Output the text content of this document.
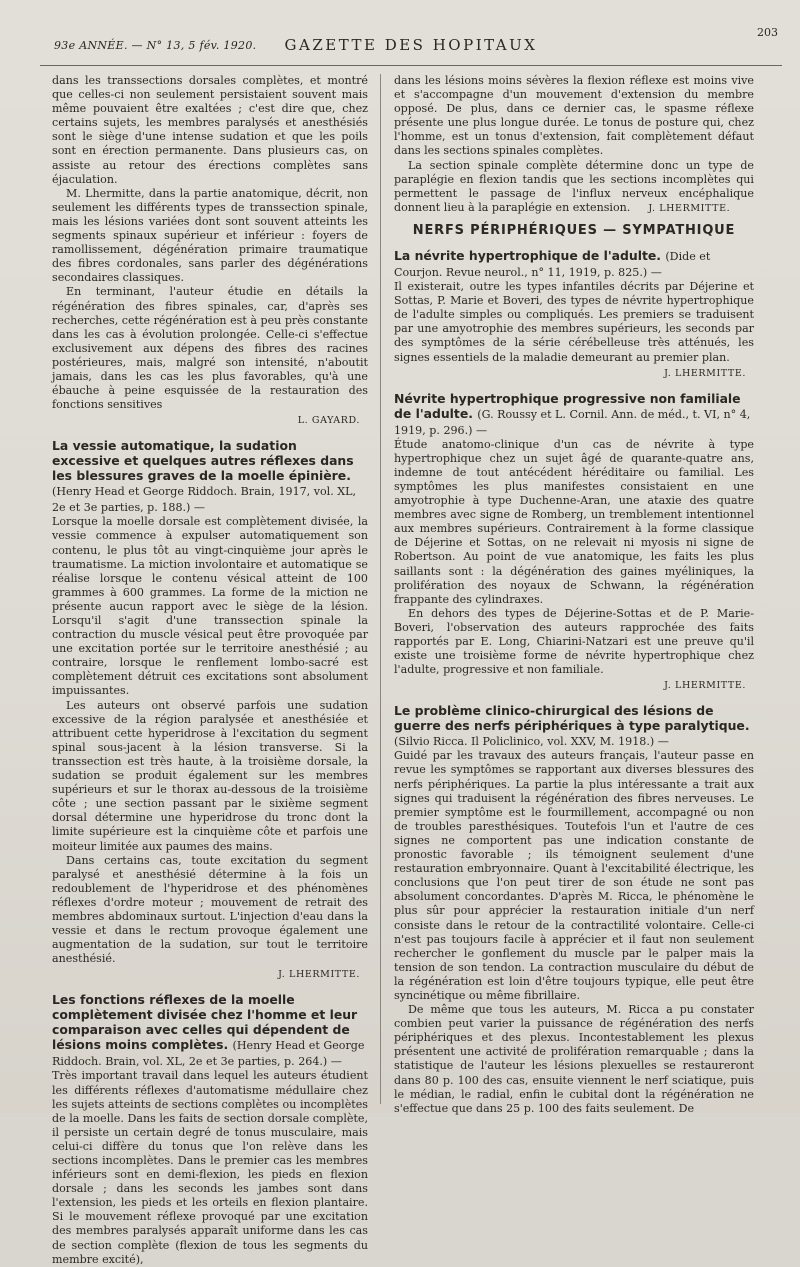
93e ANNÉE. — N° 13, 5 fév. 1920.	GAZETTE DES HOPITAUX
203

dans les transsections dorsales complètes, et montré que celles-ci non seulement persistaient souvent mais même pouvaient être exaltées ; c'est dire que, chez certains sujets, les membres paralysés et anesthésiés sont le siège d'une intense sudation et que les poils sont en érection permanente. Dans plusieurs cas, on assiste au retour des érections complètes sans éjaculation.

M. Lhermitte, dans la partie anatomique, décrit, non seulement les différents types de transsection spinale, mais les lésions variées dont sont souvent atteints les segments spinaux supérieur et inférieur : foyers de ramollissement, dégénération primaire traumatique des fibres cordonales, sans parler des dégénérations secondaires classiques.

En terminant, l'auteur étudie en détails la régénération des fibres spinales, car, d'après ses recherches, cette régénération est à peu près constante dans les cas à évolution prolongée. Celle-ci s'effectue exclusivement aux dépens des fibres des racines postérieures, mais, malgré son intensité, n'aboutit jamais, dans les cas les plus favorables, qu'à une ébauche à peine esquissée de la restauration des fonctions sensitives

L. GAYARD.

La vessie automatique, la sudation excessive et quelques autres réflexes dans les blessures graves de la moelle épinière. (Henry Head et George Riddoch. Brain, 1917, vol. XL, 2e et 3e parties, p. 188.) —

Lorsque la moelle dorsale est complètement divisée, la vessie commence à expulser automatiquement son contenu, le plus tôt au vingt-cinquième jour après le traumatisme. La miction involontaire et automatique se réalise lorsque le contenu vésical atteint de 100 grammes à 600 grammes. La forme de la miction ne présente aucun rapport avec le siège de la lésion. Lorsqu'il s'agit d'une transsection spinale la contraction du muscle vésical peut être provoquée par une excitation portée sur le territoire anesthésié ; au contraire, lorsque le renflement lombo-sacré est complètement détruit ces excitations sont absolument impuissantes.

Les auteurs ont observé parfois une sudation excessive de la région paralysée et anesthésiée et attribuent cette hyperidrose à l'excitation du segment spinal sous-jacent à la lésion transverse. Si la transsection est très haute, à la troisième dorsale, la sudation se produit également sur les membres supérieurs et sur le thorax au-dessous de la troisième côte ; une section passant par le sixième segment dorsal détermine une hyperidrose du tronc dont la limite supérieure est la cinquième côte et parfois une moiteur limitée aux paumes des mains.

Dans certains cas, toute excitation du segment paralysé et anesthésié détermine à la fois un redoublement de l'hyperidrose et des phénomènes réflexes d'ordre moteur ; mouvement de retrait des membres abdominaux surtout. L'injection d'eau dans la vessie et dans le rectum provoque également une augmentation de la sudation, sur tout le territoire anesthésié.

J. LHERMITTE.

Les fonctions réflexes de la moelle complètement divisée chez l'homme et leur comparaison avec celles qui dépendent de lésions moins complètes. (Henry Head et George Riddoch. Brain, vol. XL, 2e et 3e parties, p. 264.) —

Très important travail dans lequel les auteurs étudient les différents réflexes d'automatisme médullaire chez les sujets atteints de sections complètes ou incomplètes de la moelle. Dans les faits de section dorsale complète, il persiste un certain degré de tonus musculaire, mais celui-ci diffère du tonus que l'on relève dans les sections incomplètes. Dans le premier cas les membres inférieurs sont en demi-flexion, les pieds en flexion dorsale ; dans les seconds les jambes sont dans l'extension, les pieds et les orteils en flexion plantaire. Si le mouvement réflexe provoqué par une excitation des membres paralysés apparaît uniforme dans les cas de section complète (flexion de tous les segments du membre excité),

dans les lésions moins sévères la flexion réflexe est moins vive et s'accompagne d'un mouvement d'extension du membre opposé. De plus, dans ce dernier cas, le spasme réflexe présente une plus longue durée. Le tonus de posture qui, chez l'homme, est un tonus d'extension, fait complètement défaut dans les sections spinales complètes.

La section spinale complète détermine donc un type de paraplégie en flexion tandis que les sections incomplètes qui permettent le passage de l'influx nerveux encéphalique donnent lieu à la paraplégie en extension. J. LHERMITTE.

NERFS PÉRIPHÉRIQUES — SYMPATHIQUE

La névrite hypertrophique de l'adulte. (Dide et Courjon. Revue neurol., n° 11, 1919, p. 825.) —

Il existerait, outre les types infantiles décrits par Déjerine et Sottas, P. Marie et Boveri, des types de névrite hypertrophique de l'adulte simples ou compliqués. Les premiers se traduisent par une amyotrophie des membres supérieurs, les seconds par des symptômes de la série cérébelleuse très atténués, les signes essentiels de la maladie demeurant au premier plan.

J. LHERMITTE.

Névrite hypertrophique progressive non familiale de l'adulte. (G. Roussy et L. Cornil. Ann. de méd., t. VI, n° 4, 1919, p. 296.) —

Étude anatomo-clinique d'un cas de névrite à type hypertrophique chez un sujet âgé de quarante-quatre ans, indemne de tout antécédent héréditaire ou familial. Les symptômes les plus manifestes consistaient en une amyotrophie à type Duchenne-Aran, une ataxie des quatre membres avec signe de Romberg, un tremblement intentionnel aux membres supérieurs. Contrairement à la forme classique de Déjerine et Sottas, on ne relevait ni myosis ni signe de Robertson. Au point de vue anatomique, les faits les plus saillants sont : la dégénération des gaines myéliniques, la prolifération des noyaux de Schwann, la régénération frappante des cylindraxes.

En dehors des types de Déjerine-Sottas et de P. Marie-Boveri, l'observation des auteurs rapprochée des faits rapportés par E. Long, Chiarini-Natzari est une preuve qu'il existe une troisième forme de névrite hypertrophique chez l'adulte, progressive et non familiale.

J. LHERMITTE.

Le problème clinico-chirurgical des lésions de guerre des nerfs périphériques à type paralytique. (Silvio Ricca. Il Policlinico, vol. XXV, M. 1918.) —

Guidé par les travaux des auteurs français, l'auteur passe en revue les symptômes se rapportant aux diverses blessures des nerfs périphériques. La partie la plus intéressante a trait aux signes qui traduisent la régénération des fibres nerveuses. Le premier symptôme est le fourmillement, accompagné ou non de troubles paresthésiques. Toutefois l'un et l'autre de ces signes ne comportent pas une indication constante de pronostic favorable ; ils témoignent seulement d'une restauration embryonnaire. Quant à l'excitabilité électrique, les conclusions que l'on peut tirer de son étude ne sont pas absolument concordantes. D'après M. Ricca, le phénomène le plus sûr pour apprécier la restauration initiale d'un nerf consiste dans le retour de la contractilité volontaire. Celle-ci n'est pas toujours facile à apprécier et il faut non seulement rechercher le gonflement du muscle par le palper mais la tension de son tendon. La contraction musculaire du début de la régénération est loin d'être toujours typique, elle peut être syncinétique ou même fibrillaire.

De même que tous les auteurs, M. Ricca a pu constater combien peut varier la puissance de régénération des nerfs périphériques et des plexus. Incontestablement les plexus présentent une activité de prolifération remarquable ; dans la statistique de l'auteur les lésions plexuelles se restaureront dans 80 p. 100 des cas, ensuite viennent le nerf sciatique, puis le médian, le radial, enfin le cubital dont la régénération ne s'effectue que dans 25 p. 100 des faits seulement. De
